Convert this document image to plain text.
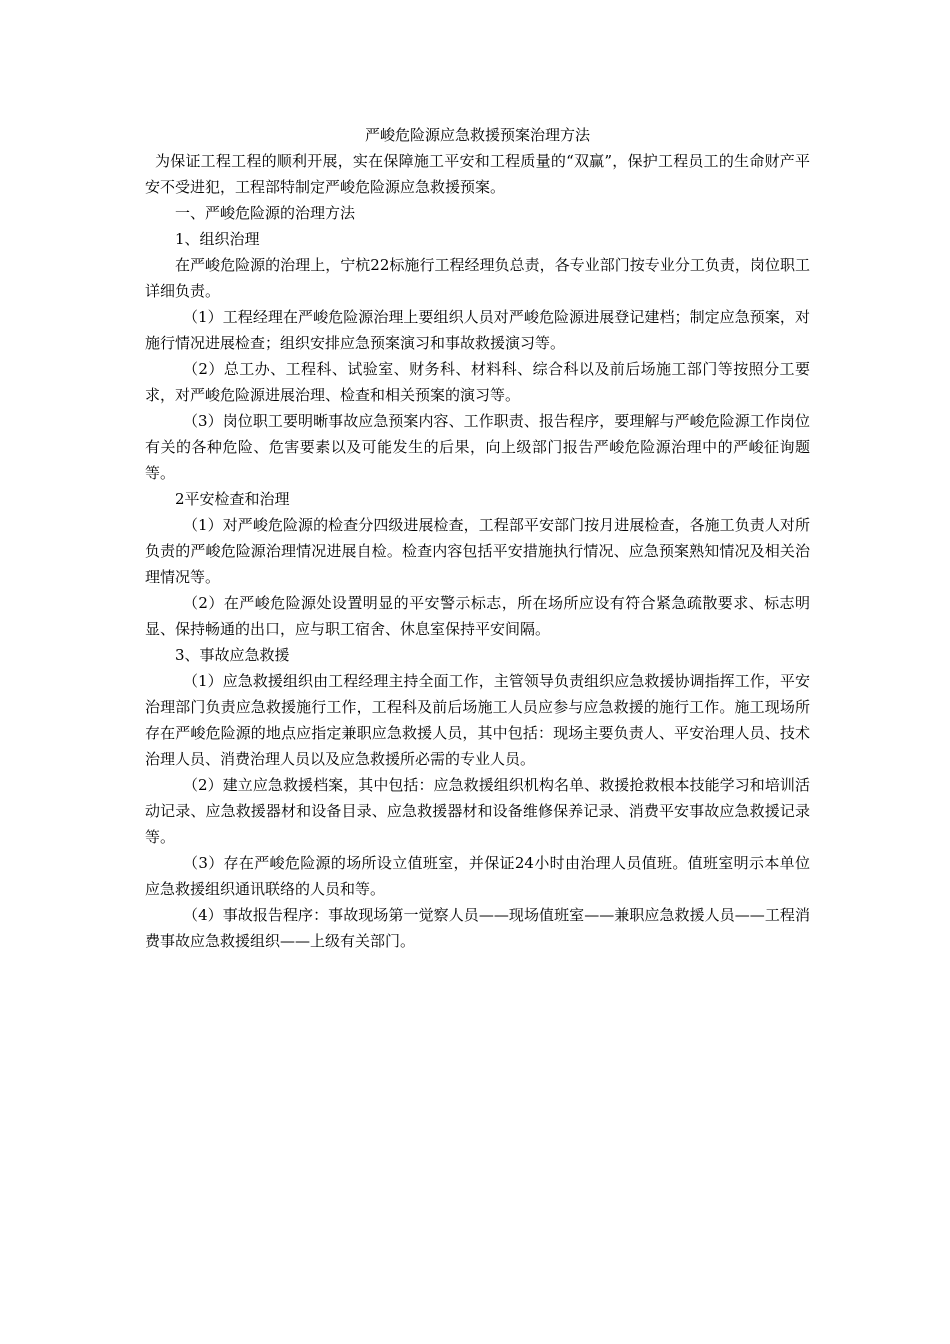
严峻危险源应急救援预案治理方法

为保证工程工程的顺利开展，实在保障施工平安和工程质量的“双赢”，保护工程员工的生命财产平安不受进犯，工程部特制定严峻危险源应急救援预案。

一、严峻危险源的治理方法

1、组织治理

在严峻危险源的治理上，宁杭22标施行工程经理负总责，各专业部门按专业分工负责，岗位职工详细负责。

（1）工程经理在严峻危险源治理上要组织人员对严峻危险源进展登记建档；制定应急预案，对施行情况进展检查；组织安排应急预案演习和事故救援演习等。

（2）总工办、工程科、试验室、财务科、材料科、综合科以及前后场施工部门等按照分工要求，对严峻危险源进展治理、检查和相关预案的演习等。

（3）岗位职工要明晰事故应急预案内容、工作职责、报告程序，要理解与严峻危险源工作岗位有关的各种危险、危害要素以及可能发生的后果，向上级部门报告严峻危险源治理中的严峻征询题等。

2平安检查和治理

（1）对严峻危险源的检查分四级进展检查，工程部平安部门按月进展检查，各施工负责人对所负责的严峻危险源治理情况进展自检。检查内容包括平安措施执行情况、应急预案熟知情况及相关治理情况等。

（2）在严峻危险源处设置明显的平安警示标志，所在场所应设有符合紧急疏散要求、标志明显、保持畅通的出口，应与职工宿舍、休息室保持平安间隔。

3、事故应急救援

（1）应急救援组织由工程经理主持全面工作，主管领导负责组织应急救援协调指挥工作，平安治理部门负责应急救援施行工作，工程科及前后场施工人员应参与应急救援的施行工作。施工现场所存在严峻危险源的地点应指定兼职应急救援人员，其中包括：现场主要负责人、平安治理人员、技术治理人员、消费治理人员以及应急救援所必需的专业人员。

（2）建立应急救援档案，其中包括：应急救援组织机构名单、救援抢救根本技能学习和培训活动记录、应急救援器材和设备目录、应急救援器材和设备维修保养记录、消费平安事故应急救援记录等。

（3）存在严峻危险源的场所设立值班室，并保证24小时由治理人员值班。值班室明示本单位应急救援组织通讯联络的人员和等。

（4）事故报告程序：事故现场第一觉察人员——现场值班室——兼职应急救援人员——工程消费事故应急救援组织——上级有关部门。
